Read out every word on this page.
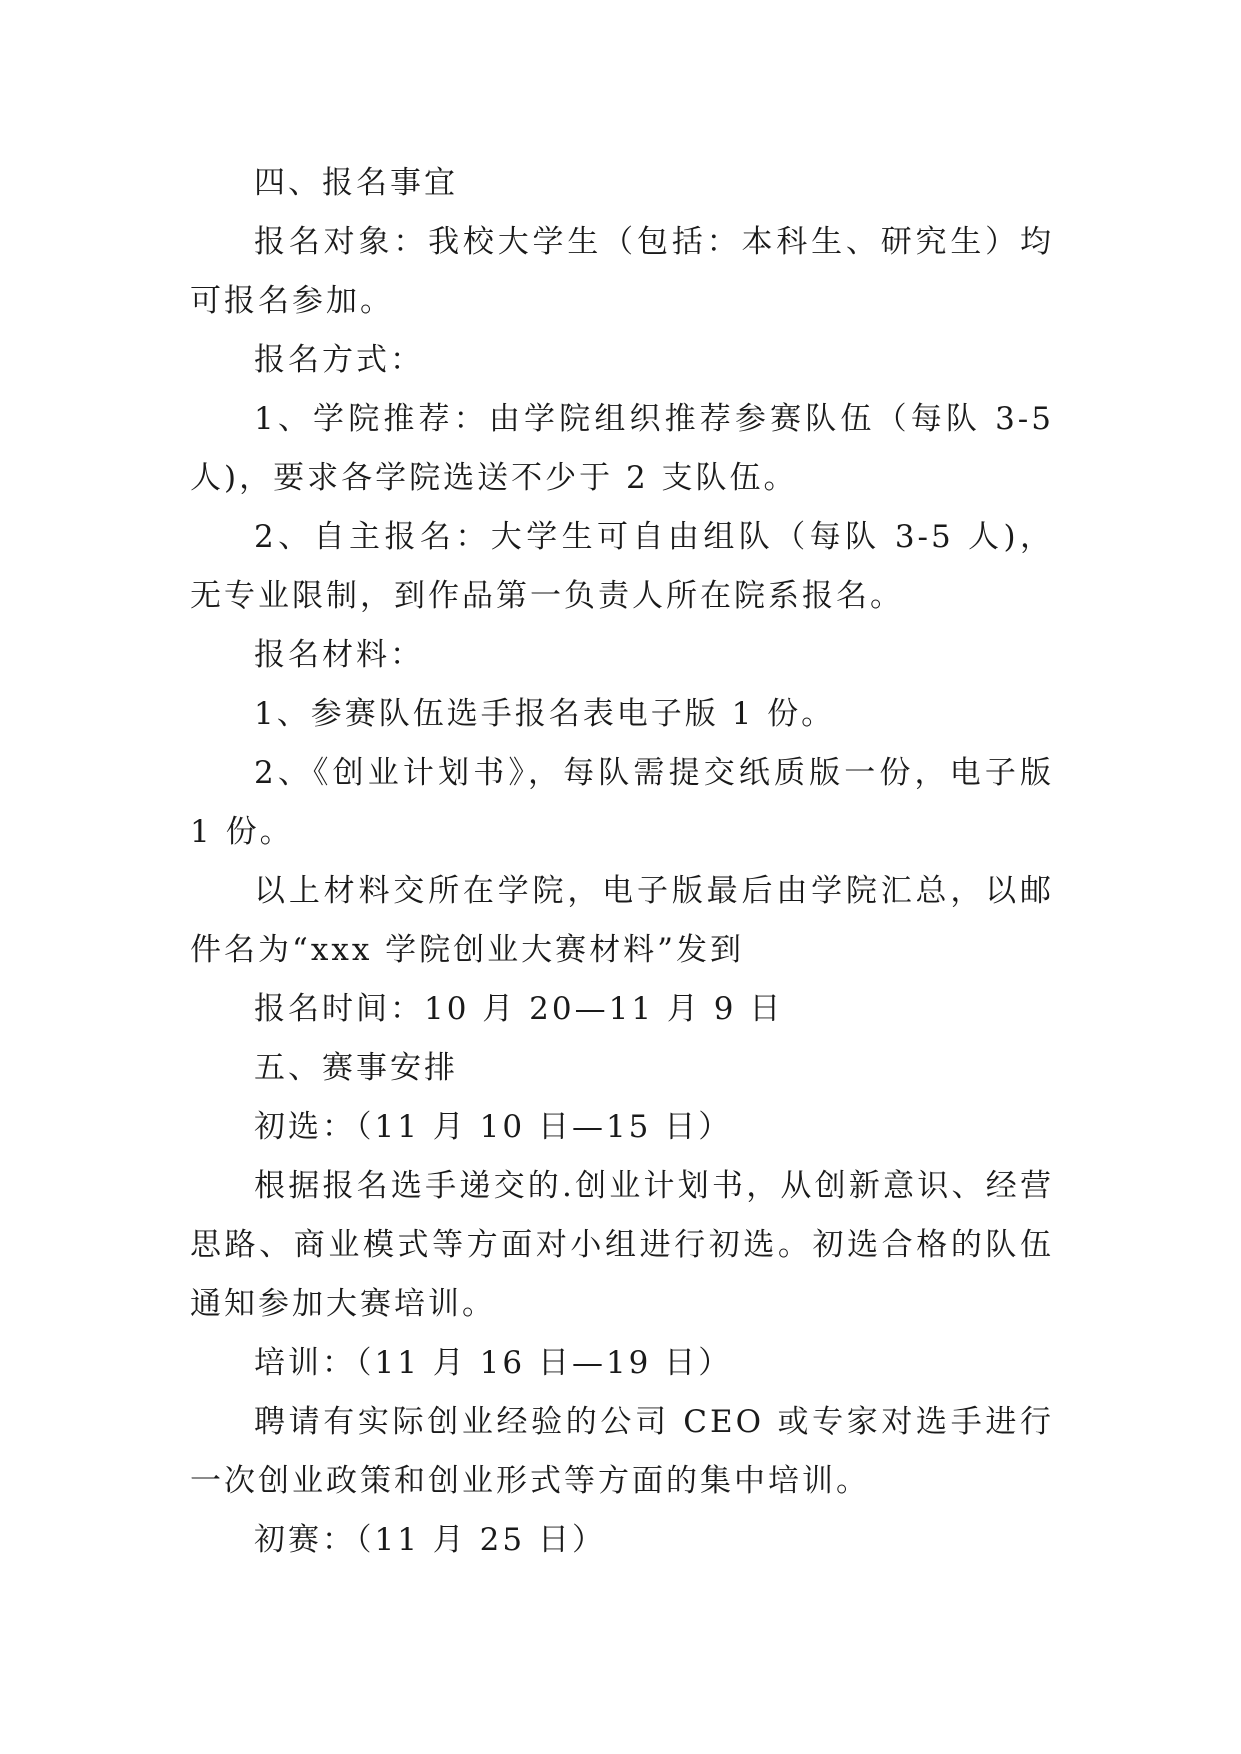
四、报名事宜

报名对象：我校大学生（包括：本科生、研究生）均可报名参加。

报名方式：

1、学院推荐：由学院组织推荐参赛队伍（每队 3-5 人)，要求各学院选送不少于 2 支队伍。

2、自主报名：大学生可自由组队（每队 3-5 人)，无专业限制，到作品第一负责人所在院系报名。

报名材料：

1、参赛队伍选手报名表电子版 1 份。

2、《创业计划书》，每队需提交纸质版一份，电子版 1 份。

以上材料交所在学院，电子版最后由学院汇总，以邮件名为“xxx 学院创业大赛材料”发到

报名时间：10 月 20—11 月 9 日

五、赛事安排

初选：（11 月 10 日—15 日）

根据报名选手递交的.创业计划书，从创新意识、经营思路、商业模式等方面对小组进行初选。初选合格的队伍通知参加大赛培训。

培训：（11 月 16 日—19 日）

聘请有实际创业经验的公司 CEO 或专家对选手进行一次创业政策和创业形式等方面的集中培训。

初赛：（11 月 25 日）
